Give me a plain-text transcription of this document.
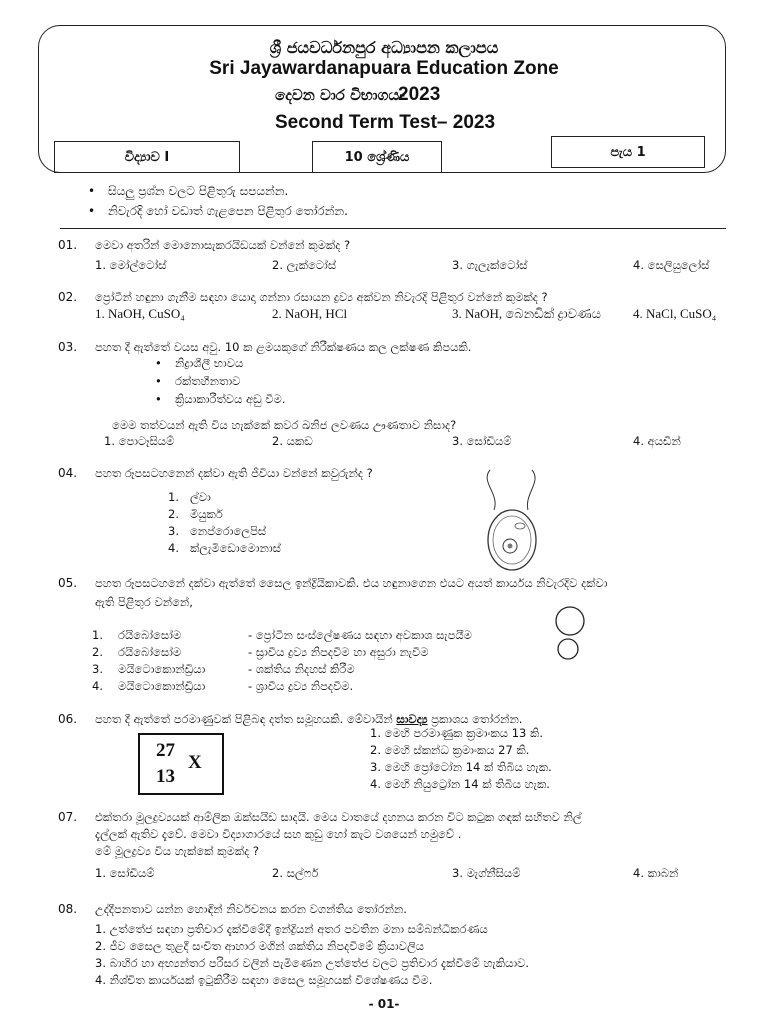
ශ්‍රී ජයවර්ධනපුර අධ්‍යාපන කලාපය
Sri Jayawardanapuara Education Zone
දෙවන වාර විභාගය-
2023
Second Term Test– 2023
විද්‍යාව I	10 ශ්‍රේණිය	පැය 1
• සියලු ප්‍රශ්න වලට පිළිතුරු සපයන්න.
• නිවැරදි හෝ වඩාත් ගැළපෙන පිළිතුර තෝරන්න.
01. මෙවා අතරින් මොනොසැකරයිඩයක් වන්නේ කුමක්ද ?
1. මෝල්ටෝස්	2. ලැක්ටෝස්	3. ගැලැක්ටෝස්	4. සෙලියුලෝස්
02. ප්‍රෝටීන් හඳුනා ගැනීම සඳහා යොදා ගන්නා රසායන ද්‍රව්‍ය අක්වන නිවැරදි පිළිතුර වන්නේ කුමක්ද ?
1. NaOH, CuSO₄	2. NaOH, HCl	3. NaOH, බෙනඩික් ද්‍රාවණය 4. NaCl, CuSO₄
03. පහත දී ඇත්තේ වයස අවු. 10 ක ළමයකුගේ නිරීක්ෂණය කල ලක්ෂණ කිපයකි.
• නිද්‍රාශීලී භාවය
• රක්තහීනතාව
• ක්‍රියාකාරීත්වය අඩු වීම.
මෙම තත්වයන් ඇති විය හැක්කේ කවර ඛනිජ ලවණය ඌණතාව නිසාද?
1. පොටෑසියම්	2. යකඩ	3. සෝඩියම්	4. අයඩීන්
04. පහත රූපසටහනෙන් දක්වා ඇති ජීවියා වන්නේ කවුරුන්ද ?
1.   ල්වා
2.   මියුකර්
3.   නෙප්රොලෙපිස්
4.   ක්ලැමිඩොමොනාස්
05. පහත රූපසටහනේ දක්වා ඇත්තේ සෛල ඉන්ද්‍රියිකාවකි. එය හඳුනාගෙන එයට අයත් කාර්යය නිවැරදිව දක්වා
ඇති පිළිතුර වන්නේ,
1. රයිබෝසෝම	- ප්‍රෝටීන සංස්ලේෂණය සඳහා අවකාශ සැපයීම
2. රයිබෝසෝම	- ස්‍රාවීය ද්‍රව්‍ය නිපදවීම හා අසුරා නැවීම
3. මයිටොකොන්ඩ්‍රියා	- ශක්තිය නිදහස් කිරීම
4. මයිටොකොන්ඩ්‍රියා	- ශ්‍රාවීය ද්‍රව්‍ය නිපදවීම.
06. පහත දී ඇත්තේ පරමාණුවක් පිළිබඳ දත්ත සමූහයකි. මේවායින් සාවද්‍ය ප්‍රකාශය තෝරන්න.
27
13
X
1. මෙහි පරමාණුක ක්‍රමාංකය 13 කි.
2. මෙහි ස්කන්ධ ක්‍රමාංකය 27 කි.
3. මෙහි ප්‍රෝටෝන 14 ක් තිබිය හැක.
4. මෙහි නියුට්‍රෝන 14 ක් තිබිය හැක.
07. එක්තරා මූලද්‍රව්‍යයක් ආම්ලික ඔක්සයිඩ සාදයි. මෙය වාතයේ දහනය කරන විට කටුක ගඳක් සහිතව නිල්
දැල්ලක් ඇතිව දැවේ. මෙවා විද්‍යාගාරයේ සහ කුඩු හෝ කැට වශයෙන් හමුවේ .
මේ මූලද්‍රව්‍ය විය හැක්කේ කුමක්ද ?
1. සෝඩියම්	2. සල්ෆර්	3. මැග්නීසියම්	4. කාබන්
08. උද්දීපනතාව යන්න හොඳින් නිර්වචනය කරන වගන්තිය තෝරන්න.
1. උත්තේජ සඳහා ප්‍රතිචාර දැක්වීමේදී ඉන්ද්‍රියන් අතර පවතින මනා සම්බන්ධීකරණය
2. ජීව සෛල තුළදී සංචිත ආහාර මගින් ශක්තිය නිපදවීමේ ක්‍රියාවලිය
3. බාහිර හා අභ්‍යන්තර පරිසර වලින් පැමිණෙන උත්තේජ වලට ප්‍රතිචාර දැක්වීමේ හැකියාව.
4. නිශ්චිත කාර්යයක් ඉටුකිරීම සඳහා සෛල සමූහයක් විශේෂණය වීම.
- 01-
